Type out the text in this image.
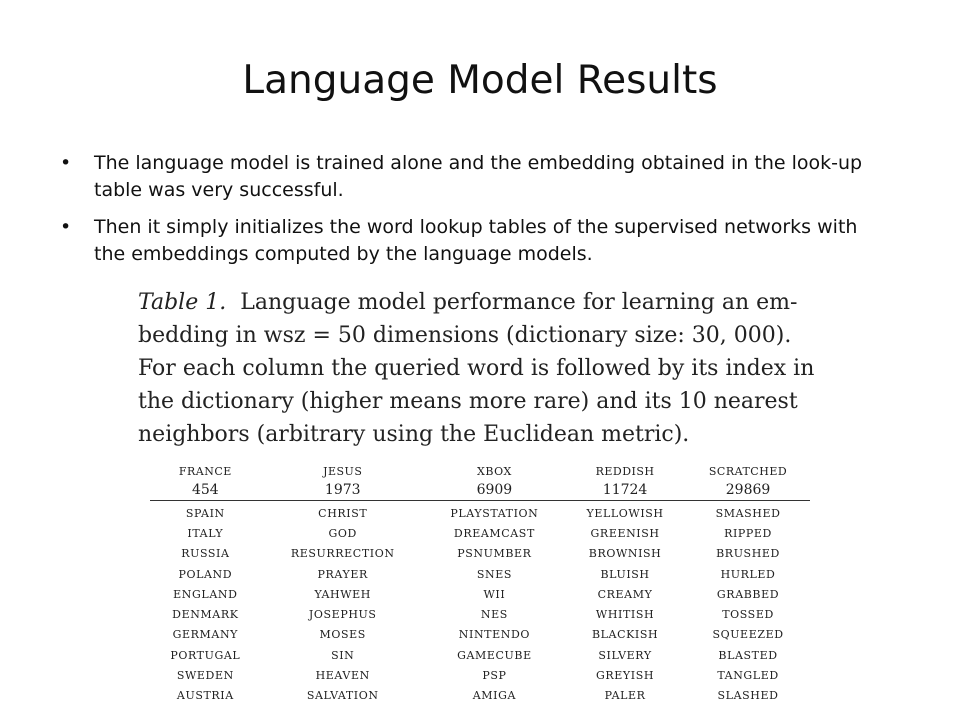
Language Model Results
• The language model is trained alone and the embedding obtained in the look-up table was very successful.
• Then it simply initializes the word lookup tables of the supervised networks with the embeddings computed by the language models.

Table 1. Language model performance for learning an em-
bedding in wsz = 50 dimensions (dictionary size: 30, 000).
For each column the queried word is followed by its index in
the dictionary (higher means more rare) and its 10 nearest
neighbors (arbitrary using the Euclidean metric).

FRANCE	JESUS	XBOX	REDDISH	SCRATCHED
454	1973	6909	11724	29869
SPAIN	CHRIST	PLAYSTATION	YELLOWISH	SMASHED
ITALY	GOD	DREAMCAST	GREENISH	RIPPED
RUSSIA	RESURRECTION	PSNUMBER	BROWNISH	BRUSHED
POLAND	PRAYER	SNES	BLUISH	HURLED
ENGLAND	YAHWEH	WII	CREAMY	GRABBED
DENMARK	JOSEPHUS	NES	WHITISH	TOSSED
GERMANY	MOSES	NINTENDO	BLACKISH	SQUEEZED
PORTUGAL	SIN	GAMECUBE	SILVERY	BLASTED
SWEDEN	HEAVEN	PSP	GREYISH	TANGLED
AUSTRIA	SALVATION	AMIGA	PALER	SLASHED
